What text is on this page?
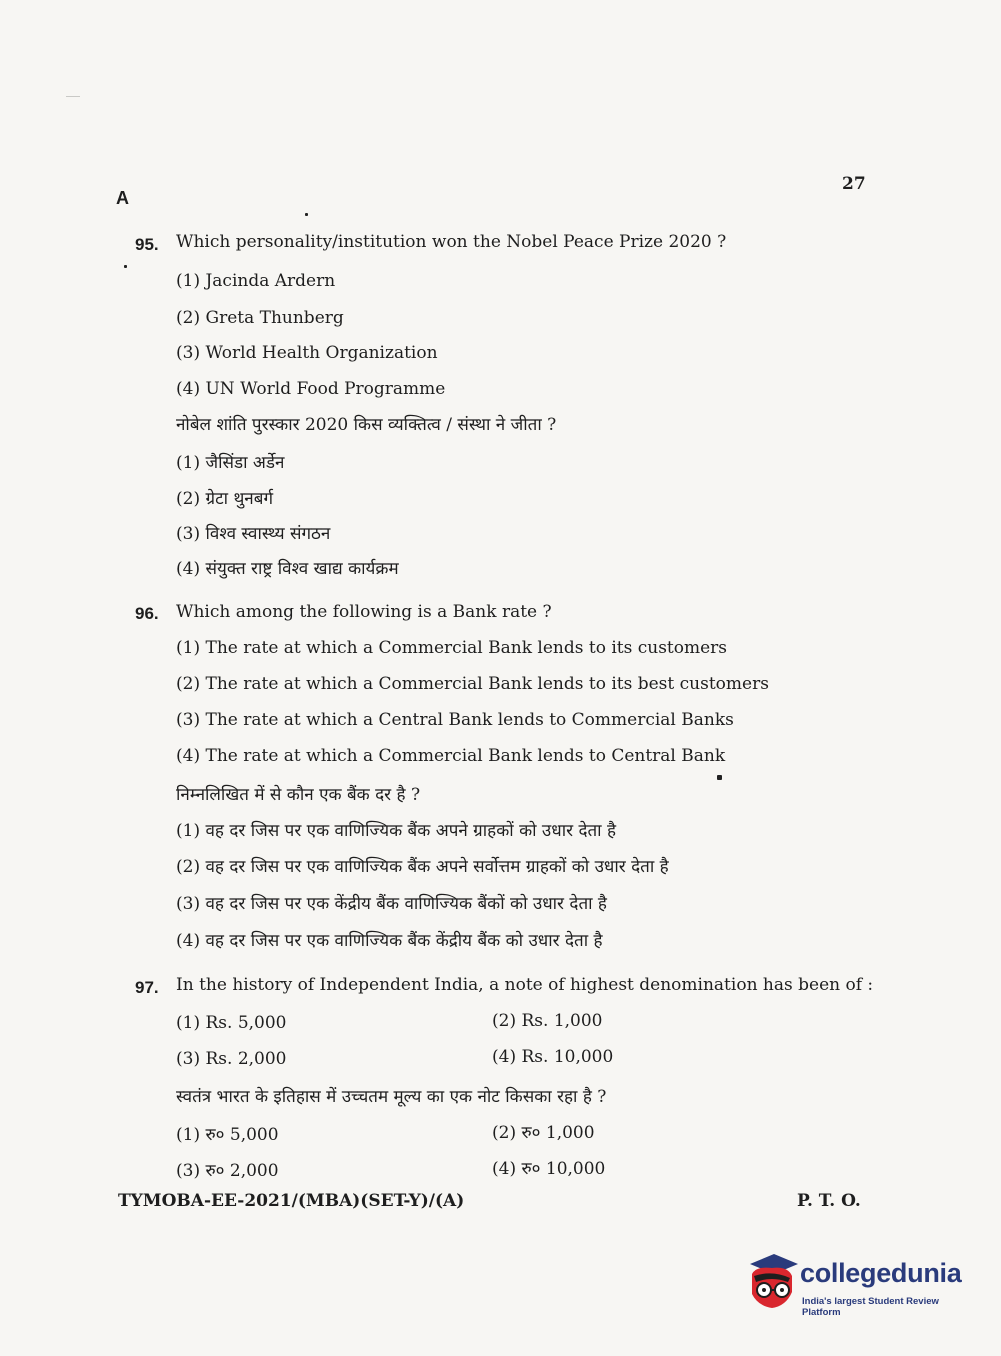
A
27
95. Which personality/institution won the Nobel Peace Prize 2020 ?
(1) Jacinda Ardern
(2) Greta Thunberg
(3) World Health Organization
(4) UN World Food Programme
नोबेल शांति पुरस्कार 2020 किस व्यक्तित्व / संस्था ने जीता ?
(1) जैसिंडा अर्डेन
(2) ग्रेटा थुनबर्ग
(3) विश्व स्वास्थ्य संगठन
(4) संयुक्त राष्ट्र विश्व खाद्य कार्यक्रम
96. Which among the following is a Bank rate ?
(1) The rate at which a Commercial Bank lends to its customers
(2) The rate at which a Commercial Bank lends to its best customers
(3) The rate at which a Central Bank lends to Commercial Banks
(4) The rate at which a Commercial Bank lends to Central Bank
निम्नलिखित में से कौन एक बैंक दर है ?
(1) वह दर जिस पर एक वाणिज्यिक बैंक अपने ग्राहकों को उधार देता है
(2) वह दर जिस पर एक वाणिज्यिक बैंक अपने सर्वोत्तम ग्राहकों को उधार देता है
(3) वह दर जिस पर एक केंद्रीय बैंक वाणिज्यिक बैंकों को उधार देता है
(4) वह दर जिस पर एक वाणिज्यिक बैंक केंद्रीय बैंक को उधार देता है
97. In the history of Independent India, a note of highest denomination has been of :
(1) Rs. 5,000	(2) Rs. 1,000
(3) Rs. 2,000	(4) Rs. 10,000
स्वतंत्र भारत के इतिहास में उच्चतम मूल्य का एक नोट किसका रहा है ?
(1) रु० 5,000	(2) रु० 1,000
(3) रु० 2,000	(4) रु० 10,000
TYMOBA-EE-2021/(MBA)(SET-Y)/(A)	P. T. O.
collegedunia
India's largest Student Review Platform
